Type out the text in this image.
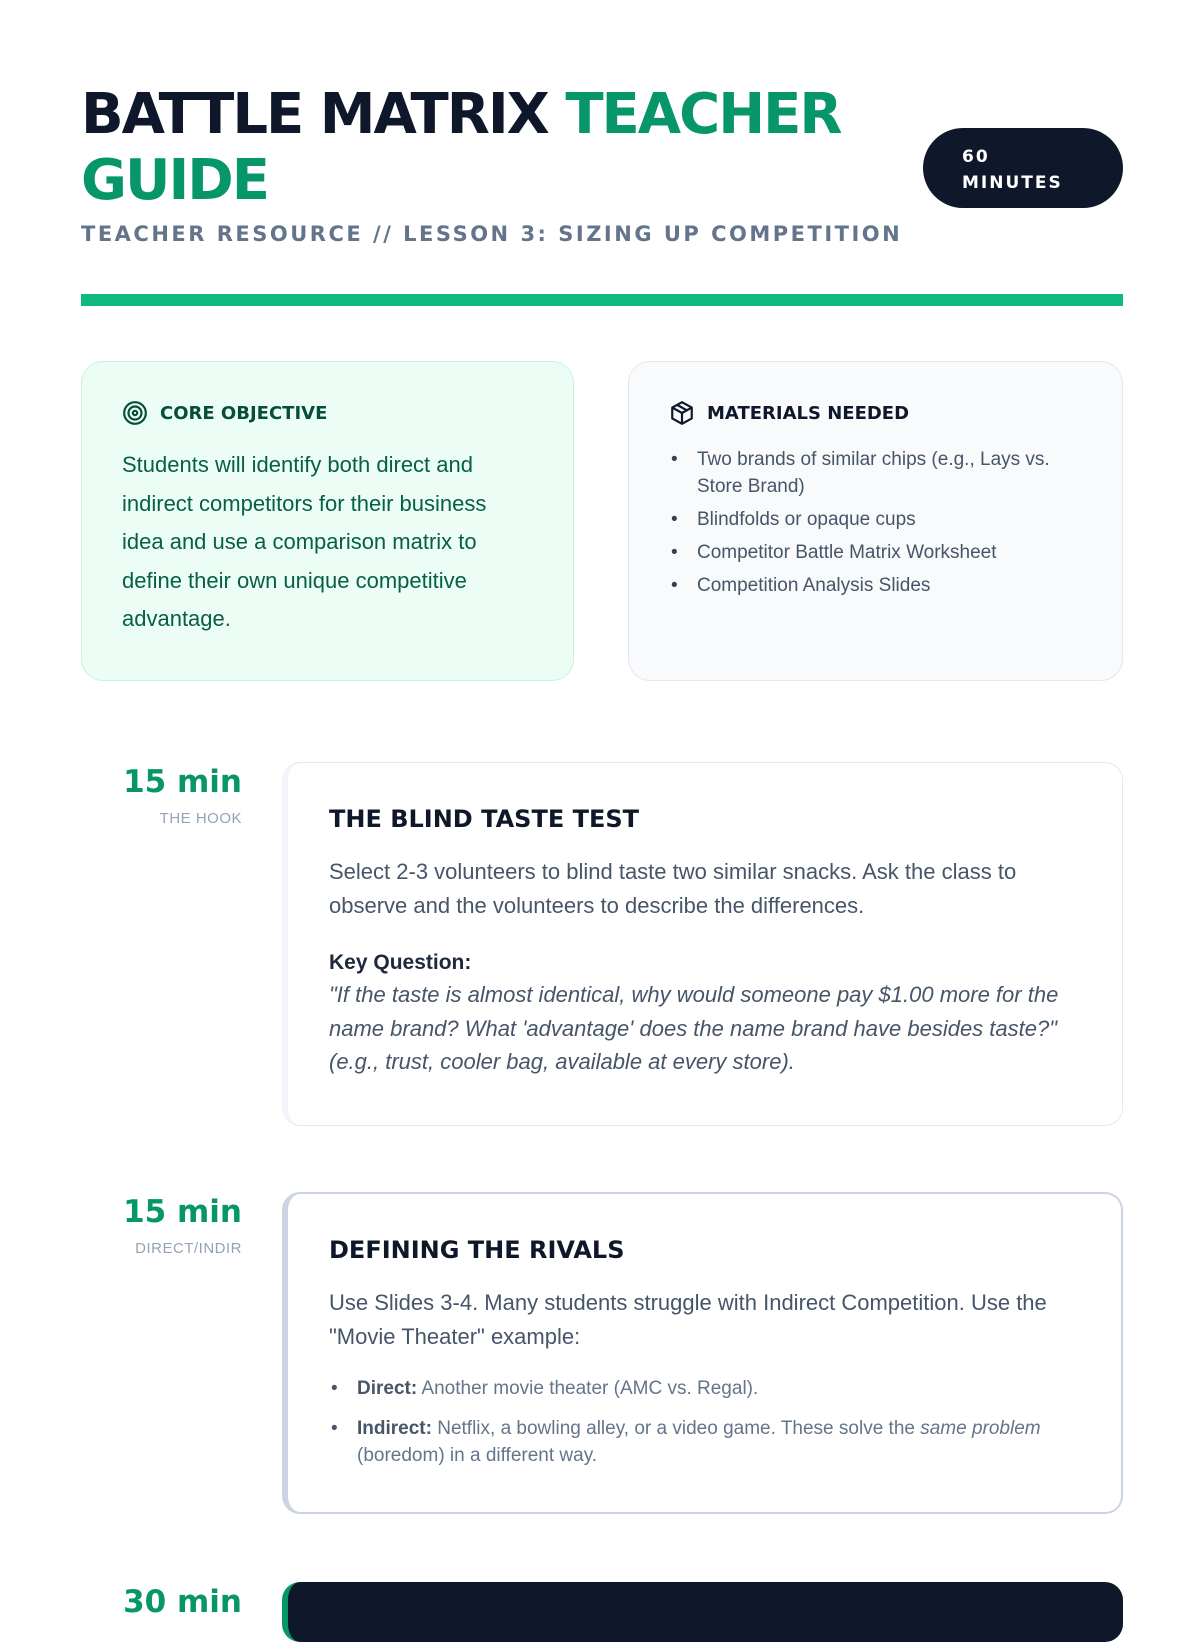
BATTLE MATRIX TEACHER GUIDE
TEACHER RESOURCE // LESSON 3: SIZING UP COMPETITION
60
MINUTES
CORE OBJECTIVE

Students will identify both direct and indirect competitors for their business idea and use a comparison matrix to define their own unique competitive advantage.

MATERIALS NEEDED
• Two brands of similar chips (e.g., Lays vs. Store Brand)
• Blindfolds or opaque cups
• Competitor Battle Matrix Worksheet
• Competition Analysis Slides
15 min
THE HOOK	THE BLIND TASTE TEST

Select 2-3 volunteers to blind taste two similar snacks. Ask the class to observe and the volunteers to describe the differences.

Key Question:

"If the taste is almost identical, why would someone pay $1.00 more for the name brand? What 'advantage' does the name brand have besides taste?" (e.g., trust, cooler bag, available at every store).

15 min
DIRECT/INDIR	DEFINING THE RIVALS

Use Slides 3-4. Many students struggle with Indirect Competition. Use the "Movie Theater" example:

• Direct: Another movie theater (AMC vs. Regal).
• Indirect: Netflix, a bowling alley, or a video game. These solve the same problem (boredom) in a different way.
30 min
